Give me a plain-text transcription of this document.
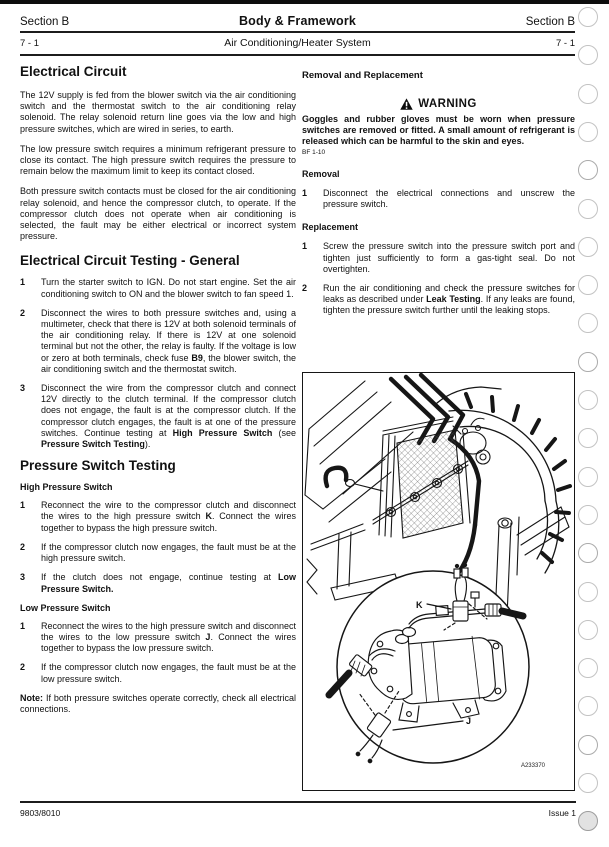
Section B	Body & Framework	Section B
7 - 1	Air Conditioning/Heater System	7 - 1
Electrical Circuit

The 12V supply is fed from the blower switch via the air conditioning switch and the thermostat switch to the air conditioning relay solenoid. The relay solenoid return line goes via the low and high pressure switches, which are wired in series, to earth.

The low pressure switch requires a minimum refrigerant pressure to close its contact. The high pressure switch requires the pressure to remain below the maximum limit to keep its contact closed.

Both pressure switch contacts must be closed for the air conditioning relay solenoid, and hence the compressor clutch, to operate. If the compressor clutch does not operate when air conditioning is selected, the fault may be either electrical or incorrect system pressure.

Electrical Circuit Testing - General
1	Turn the starter switch to IGN. Do not start engine. Set the air conditioning switch to ON and the blower switch to fan speed 1.

2	Disconnect the wires to both pressure switches and, using a multimeter, check that there is 12V at both solenoid terminals of the air conditioning relay. If there is 12V at one solenoid terminal but not the other, the relay is faulty. If the voltage is low or zero at both terminals, check fuse B9, the blower switch, the air conditioning switch and the thermostat switch.

3	Disconnect the wire from the compressor clutch and connect 12V directly to the clutch terminal. If the compressor clutch does not engage, the fault is at the compressor clutch. If the compressor clutch engages, the fault is at one of the pressure switches. Continue testing at High Pressure Switch (see Pressure Switch Testing).

Pressure Switch Testing
High Pressure Switch
1	Reconnect the wire to the compressor clutch and disconnect the wires to the high pressure switch K. Connect the wires together to bypass the high pressure switch.

2	If the compressor clutch now engages, the fault must be at the high pressure switch.

3	If the clutch does not engage, continue testing at Low Pressure Switch.

Low Pressure Switch
1	Reconnect the wires to the high pressure switch and disconnect the wires to the low pressure switch J. Connect the wires together to bypass the low pressure switch.

2	If the compressor clutch now engages, the fault must be at the low pressure switch.

Note: If both pressure switches operate correctly, check all electrical connections.

Removal and Replacement
WARNING

Goggles and rubber gloves must be worn when pressure switches are removed or fitted. A small amount of refrigerant is released which can be harmful to the skin and eyes.

BF 1-10
Removal
1	Disconnect the electrical connections and unscrew the pressure switch.

Replacement
1	Screw the pressure switch into the pressure switch port and tighten just sufficiently to form a gas-tight seal. Do not overtighten.

2	Run the air conditioning and check the pressure switches for leaks as described under Leak Testing. If any leaks are found, tighten the pressure switch further until the leaking stops.

K
J
A233370
9803/8010	Issue 1
